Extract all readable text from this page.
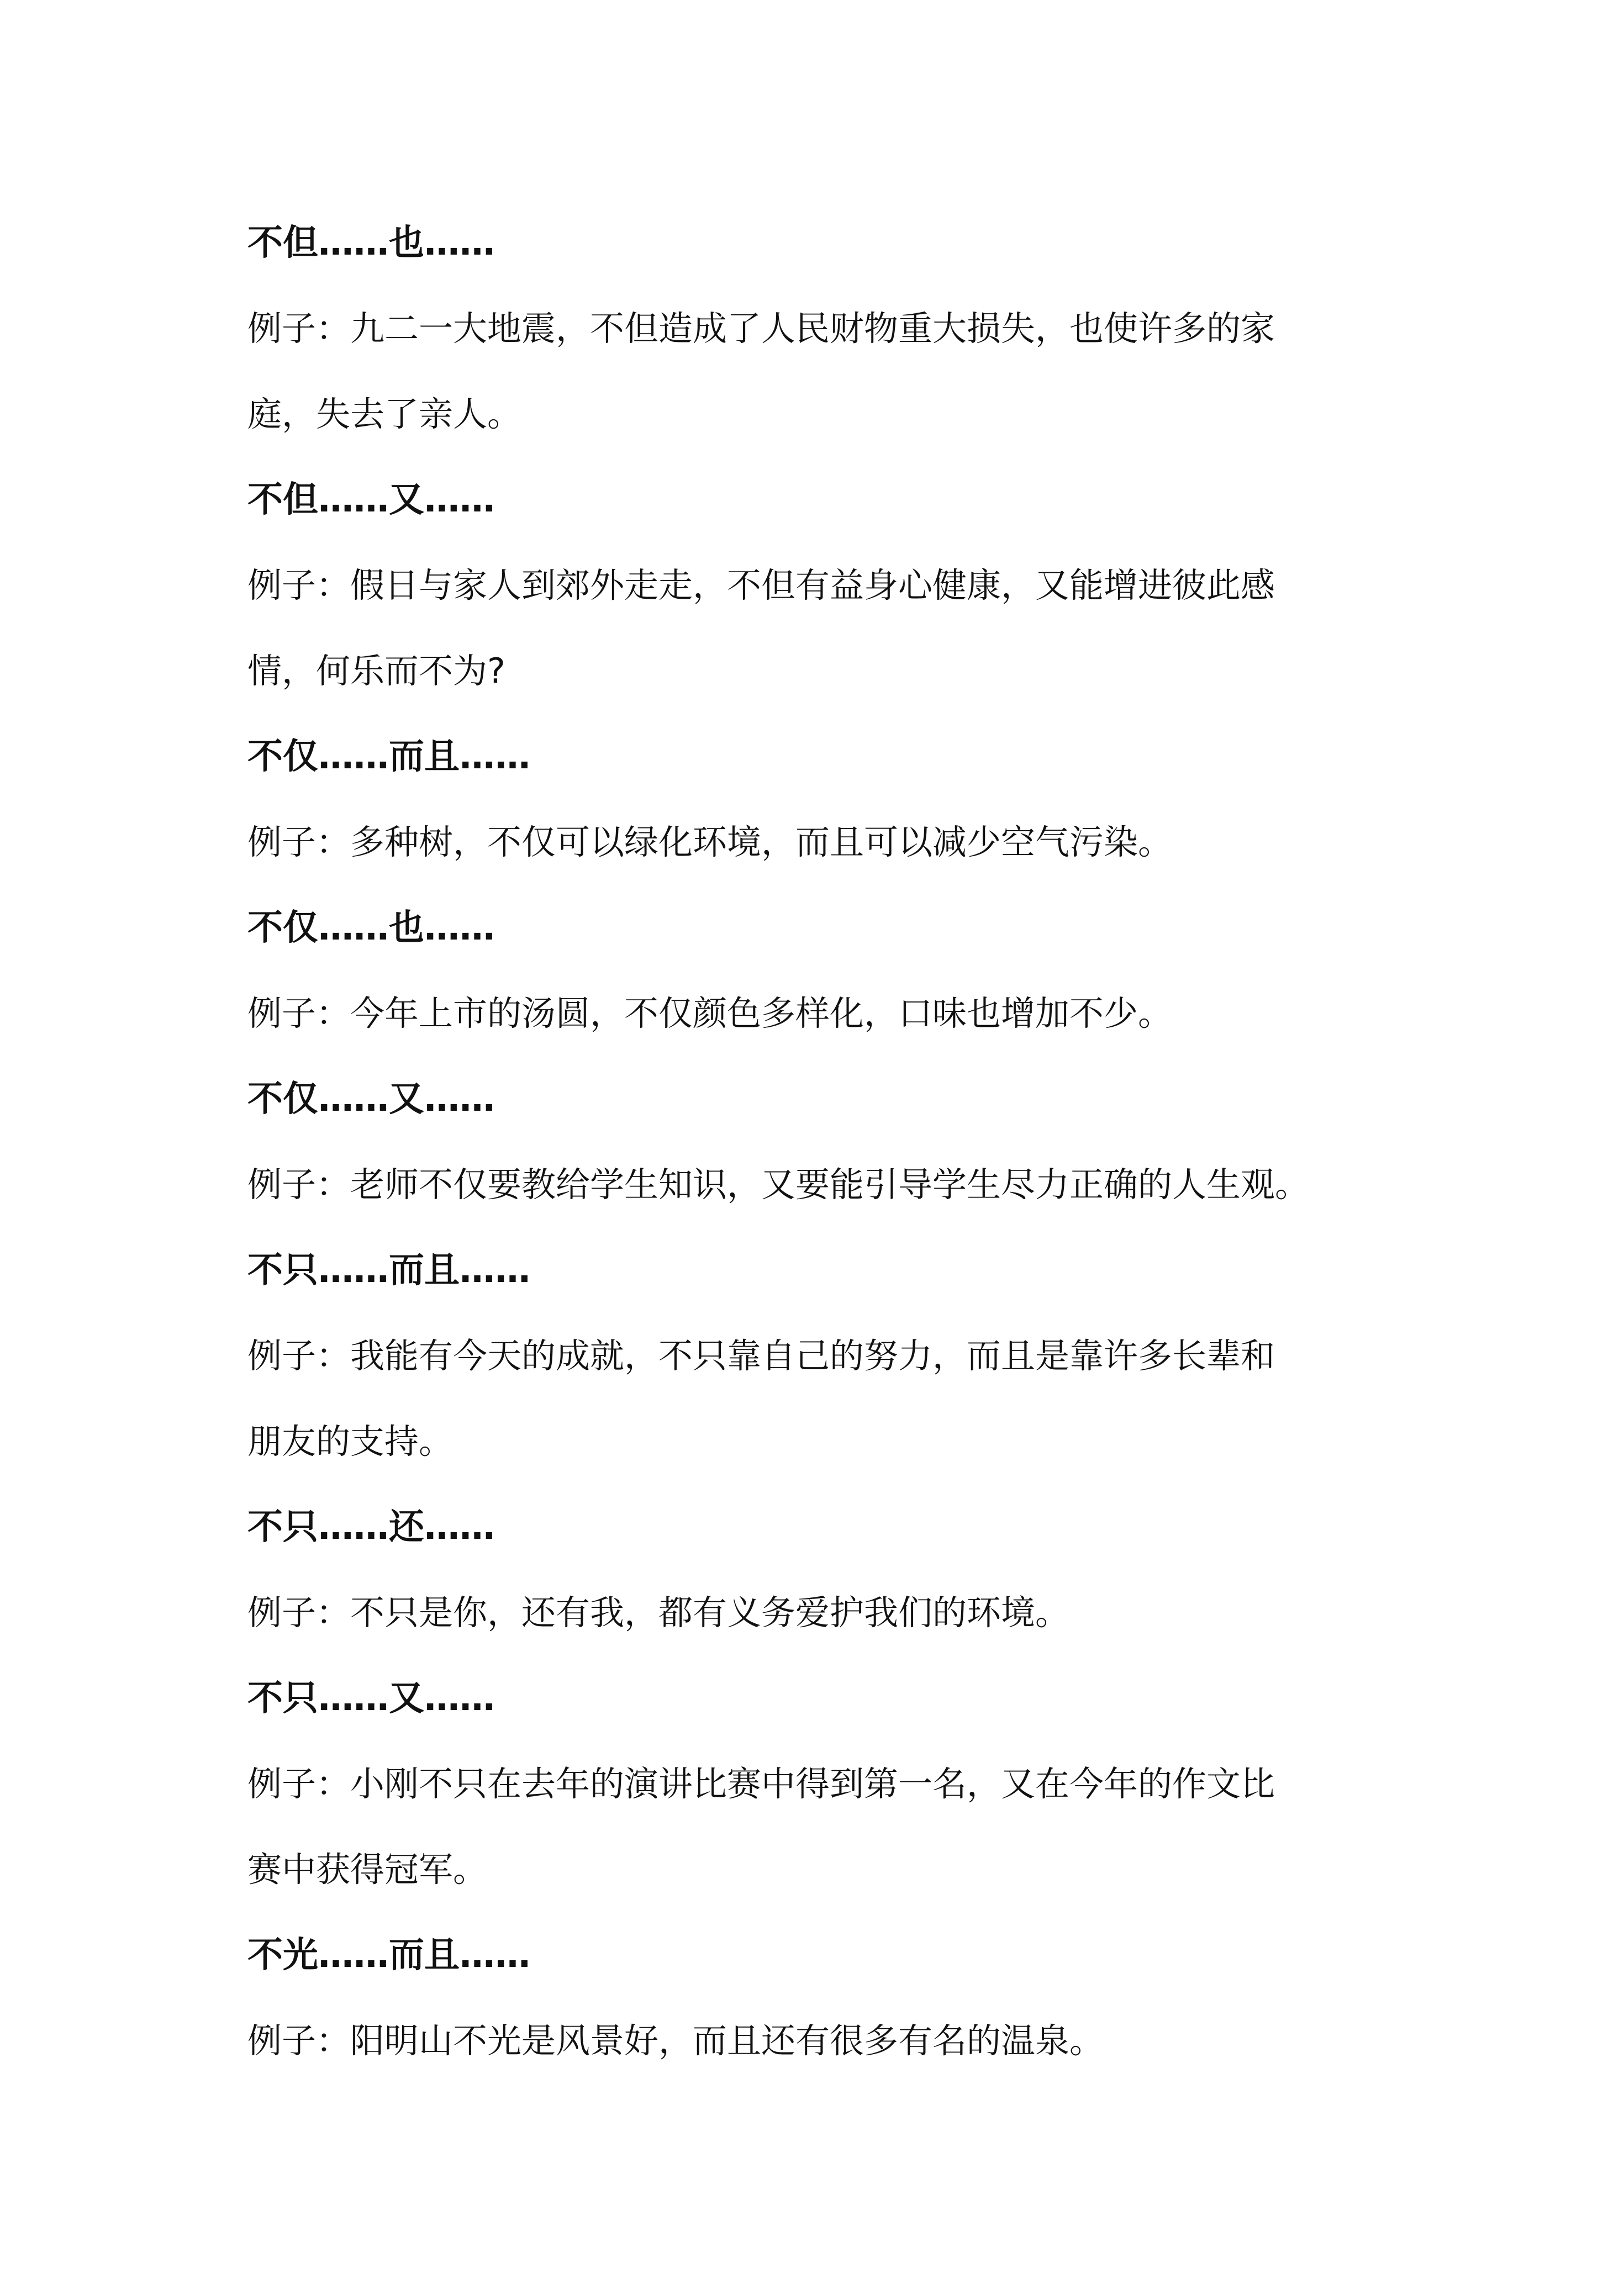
不但……也……
例子：九二一大地震，不但造成了人民财物重大损失，也使许多的家
庭，失去了亲人。
不但……又……
例子：假日与家人到郊外走走，不但有益身心健康，又能增进彼此感
情，何乐而不为?
不仅……而且……
例子：多种树，不仅可以绿化环境，而且可以减少空气污染。
不仅……也……
例子：今年上市的汤圆，不仅颜色多样化，口味也增加不少。
不仅……又……
例子：老师不仅要教给学生知识，又要能引导学生尽力正确的人生观。
不只……而且……
例子：我能有今天的成就，不只靠自己的努力，而且是靠许多长辈和
朋友的支持。
不只……还……
例子：不只是你，还有我，都有义务爱护我们的环境。
不只……又……
例子：小刚不只在去年的演讲比赛中得到第一名，又在今年的作文比
赛中获得冠军。
不光……而且……
例子：阳明山不光是风景好，而且还有很多有名的温泉。
